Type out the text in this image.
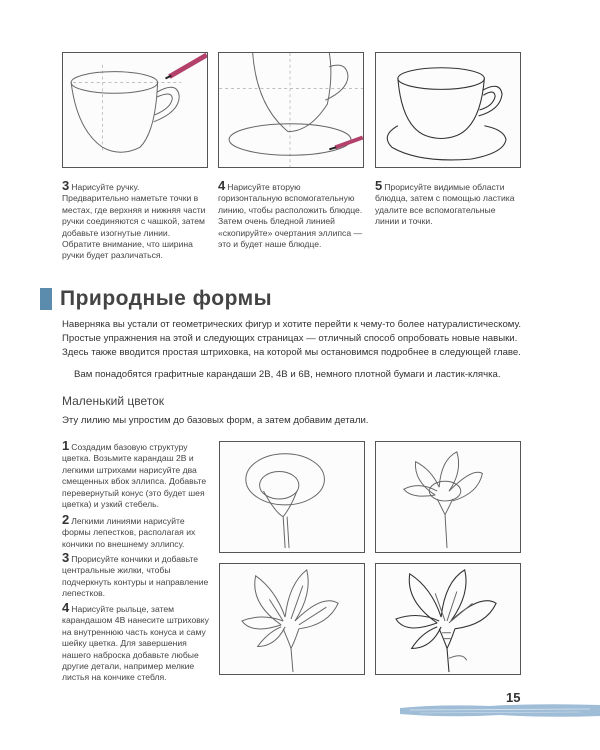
3 Нарисуйте ручку. Предварительно наметьте точки в местах, где верхняя и нижняя части ручки соединяются с чашкой, затем добавьте изогнутые линии. Обратите внимание, что ширина ручки будет различаться.
4 Нарисуйте вторую горизонтальную вспомогательную линию, чтобы расположить блюдце. Затем очень бледной линией «скопируйте» очертания эллипса — это и будет наше блюдце.
5 Прорисуйте видимые области блюдца, затем с помощью ластика удалите все вспомогательные линии и точки.
Природные формы
Наверняка вы устали от геометрических фигур и хотите перейти к чему-то более натуралистическому. Простые упражнения на этой и следующих страницах — отличный способ опробовать новые навыки. Здесь также вводится простая штриховка, на которой мы остановимся подробнее в следующей главе.
Вам понадобятся графитные карандаши 2В, 4В и 6В, немного плотной бумаги и ластик-клячка.
Маленький цветок
Эту лилию мы упростим до базовых форм, а затем добавим детали.
1 Создадим базовую структуру цветка. Возьмите карандаш 2В и легкими штрихами нарисуйте два смещенных вбок эллипса. Добавьте перевернутый конус (это будет шея цветка) и узкий стебель.
2 Легкими линиями нарисуйте формы лепестков, располагая их кончики по внешнему эллипсу.
3 Прорисуйте кончики и добавьте центральные жилки, чтобы подчеркнуть контуры и направление лепестков.
4 Нарисуйте рыльце, затем карандашом 4В нанесите штриховку на внутреннюю часть конуса и саму шейку цветка. Для завершения нашего наброска добавьте любые другие детали, например мелкие листья на кончике стебля.
15
